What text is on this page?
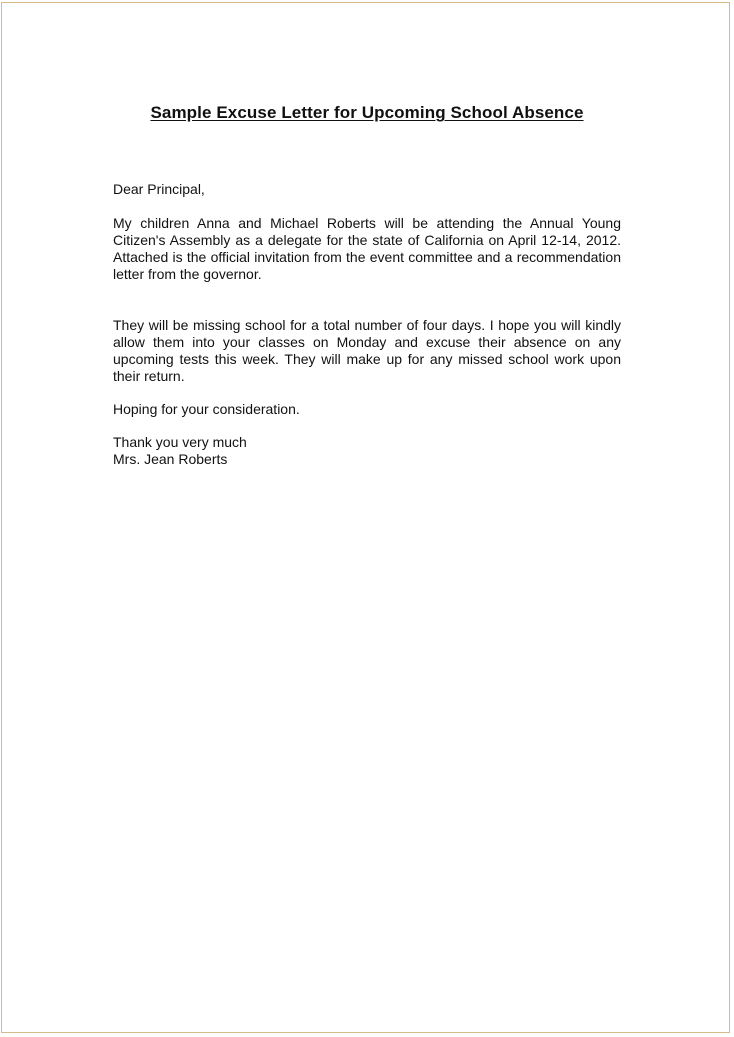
Sample Excuse Letter for Upcoming School Absence

Dear Principal,

My children Anna and Michael Roberts will be attending the Annual Young Citizen's Assembly as a delegate for the state of California on April 12-14, 2012. Attached is the official invitation from the event committee and a recommendation letter from the governor.

They will be missing school for a total number of four days. I hope you will kindly allow them into your classes on Monday and excuse their absence on any upcoming tests this week. They will make up for any missed school work upon their return.

Hoping for your consideration.

Thank you very much

Mrs. Jean Roberts
